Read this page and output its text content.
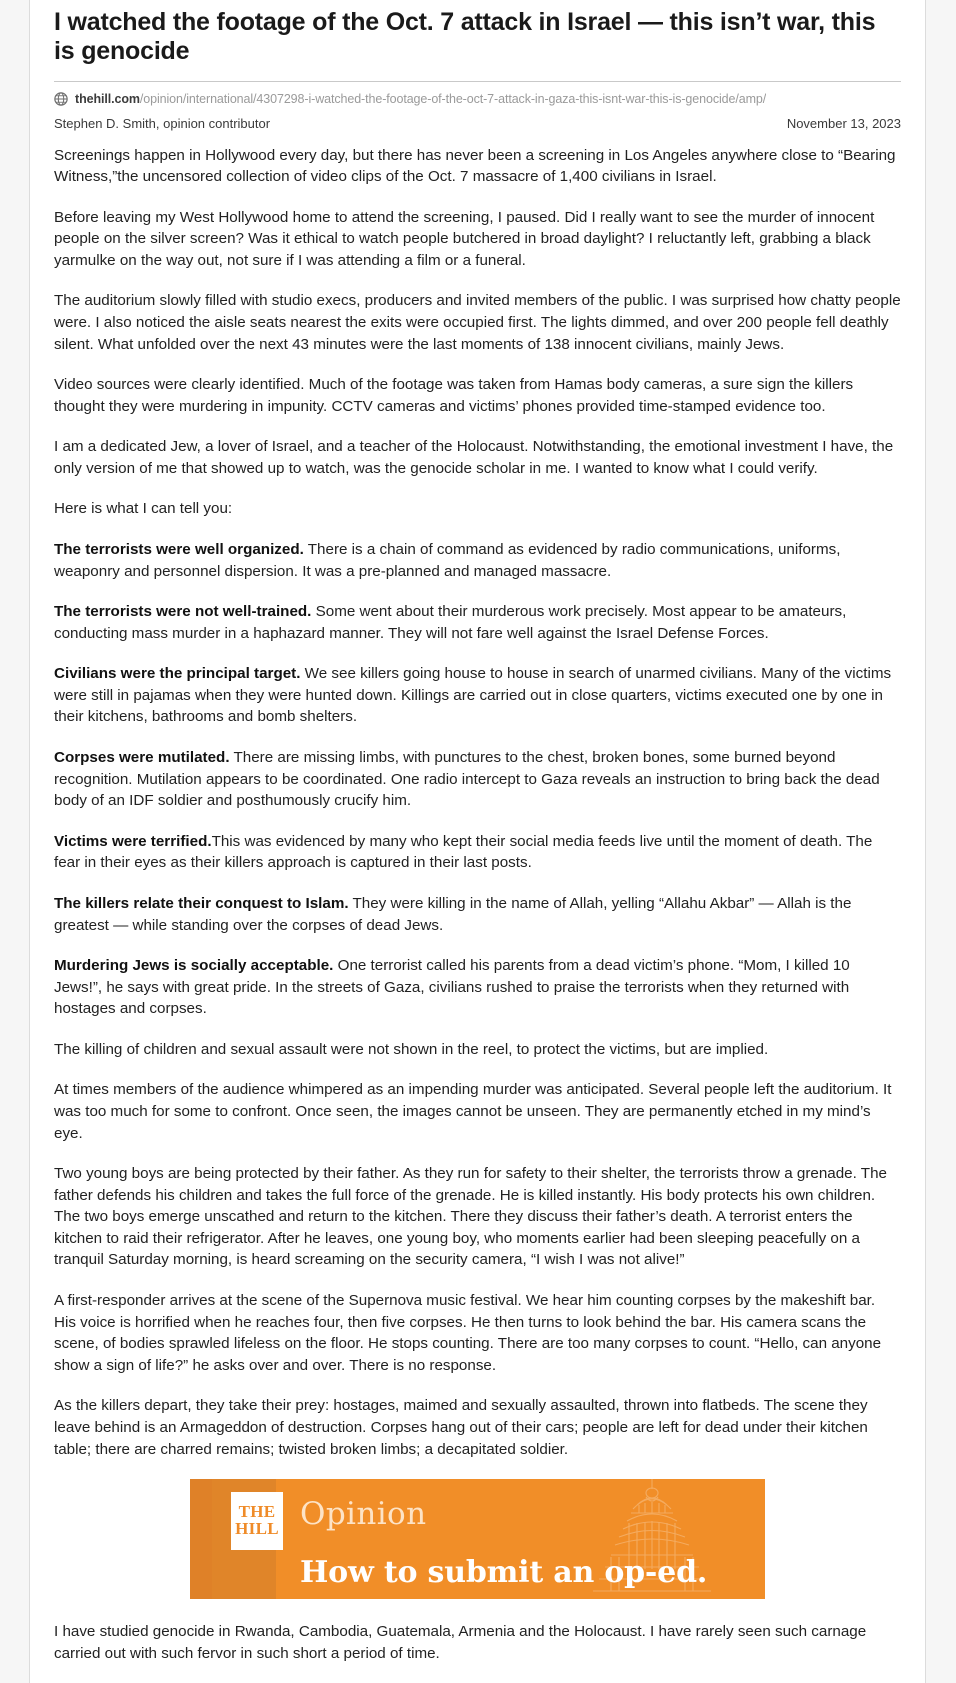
I watched the footage of the Oct. 7 attack in Israel — this isn’t war, this is genocide
thehill.com/opinion/international/4307298-i-watched-the-footage-of-the-oct-7-attack-in-gaza-this-isnt-war-this-is-genocide/amp/
Stephen D. Smith, opinion contributor	November 13, 2023

Screenings happen in Hollywood every day, but there has never been a screening in Los Angeles anywhere close to “Bearing Witness,”the uncensored collection of video clips of the Oct. 7 massacre of 1,400 civilians in Israel.

Before leaving my West Hollywood home to attend the screening, I paused. Did I really want to see the murder of innocent people on the silver screen? Was it ethical to watch people butchered in broad daylight? I reluctantly left, grabbing a black yarmulke on the way out, not sure if I was attending a film or a funeral.

The auditorium slowly filled with studio execs, producers and invited members of the public. I was surprised how chatty people were. I also noticed the aisle seats nearest the exits were occupied first. The lights dimmed, and over 200 people fell deathly silent. What unfolded over the next 43 minutes were the last moments of 138 innocent civilians, mainly Jews.

Video sources were clearly identified. Much of the footage was taken from Hamas body cameras, a sure sign the killers thought they were murdering in impunity. CCTV cameras and victims’ phones provided time-stamped evidence too.

I am a dedicated Jew, a lover of Israel, and a teacher of the Holocaust. Notwithstanding, the emotional investment I have, the only version of me that showed up to watch, was the genocide scholar in me. I wanted to know what I could verify.

Here is what I can tell you:

The terrorists were well organized. There is a chain of command as evidenced by radio communications, uniforms, weaponry and personnel dispersion. It was a pre-planned and managed massacre.

The terrorists were not well-trained. Some went about their murderous work precisely. Most appear to be amateurs, conducting mass murder in a haphazard manner. They will not fare well against the Israel Defense Forces.

Civilians were the principal target. We see killers going house to house in search of unarmed civilians. Many of the victims were still in pajamas when they were hunted down. Killings are carried out in close quarters, victims executed one by one in their kitchens, bathrooms and bomb shelters.

Corpses were mutilated. There are missing limbs, with punctures to the chest, broken bones, some burned beyond recognition. Mutilation appears to be coordinated. One radio intercept to Gaza reveals an instruction to bring back the dead body of an IDF soldier and posthumously crucify him.

Victims were terrified.This was evidenced by many who kept their social media feeds live until the moment of death. The fear in their eyes as their killers approach is captured in their last posts.

The killers relate their conquest to Islam. They were killing in the name of Allah, yelling “Allahu Akbar” — Allah is the greatest — while standing over the corpses of dead Jews.

Murdering Jews is socially acceptable. One terrorist called his parents from a dead victim’s phone. “Mom, I killed 10 Jews!”, he says with great pride. In the streets of Gaza, civilians rushed to praise the terrorists when they returned with hostages and corpses.

The killing of children and sexual assault were not shown in the reel, to protect the victims, but are implied.

At times members of the audience whimpered as an impending murder was anticipated. Several people left the auditorium. It was too much for some to confront. Once seen, the images cannot be unseen. They are permanently etched in my mind’s eye.

Two young boys are being protected by their father. As they run for safety to their shelter, the terrorists throw a grenade. The father defends his children and takes the full force of the grenade. He is killed instantly. His body protects his own children. The two boys emerge unscathed and return to the kitchen. There they discuss their father’s death. A terrorist enters the kitchen to raid their refrigerator. After he leaves, one young boy, who moments earlier had been sleeping peacefully on a tranquil Saturday morning, is heard screaming on the security camera, “I wish I was not alive!”

A first-responder arrives at the scene of the Supernova music festival. We hear him counting corpses by the makeshift bar. His voice is horrified when he reaches four, then five corpses. He then turns to look behind the bar. His camera scans the scene, of bodies sprawled lifeless on the floor. He stops counting. There are too many corpses to count. “Hello, can anyone show a sign of life?” he asks over and over. There is no response.

As the killers depart, they take their prey: hostages, maimed and sexually assaulted, thrown into flatbeds. The scene they leave behind is an Armageddon of destruction. Corpses hang out of their cars; people are left for dead under their kitchen table; there are charred remains; twisted broken limbs; a decapitated soldier.

THE
HILL Opinion
How to submit an op-ed.

I have studied genocide in Rwanda, Cambodia, Guatemala, Armenia and the Holocaust. I have rarely seen such carnage carried out with such fervor in such short a period of time.
